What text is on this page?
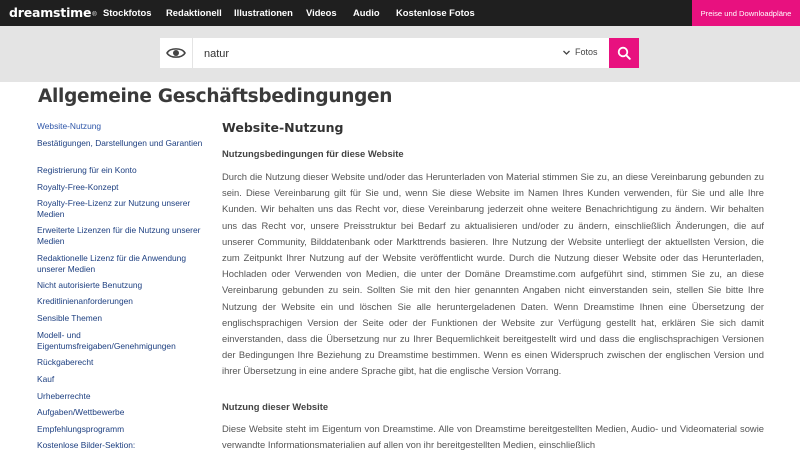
dreamstime ® Stockfotos Redaktionell Illustrationen Videos Audio Kostenlose Fotos	Preise und Downloadpläne
natur
Fotos
Allgemeine Geschäftsbedingungen
Website-Nutzung
Bestätigungen, Darstellungen und Garantien
Registrierung für ein Konto
Royalty-Free-Konzept
Royalty-Free-Lizenz zur Nutzung unserer Medien
Erweiterte Lizenzen für die Nutzung unserer Medien
Redaktionelle Lizenz für die Anwendung unserer Medien
Nicht autorisierte Benutzung
Kreditlinienanforderungen
Sensible Themen
Modell- und Eigentumsfreigaben/Genehmigungen
Rückgaberecht
Kauf
Urheberrechte
Aufgaben/Wettbewerbe
Empfehlungsprogramm
Kostenlose Bilder-Sektion:
Website-Nutzung
Nutzungsbedingungen für diese Website

Durch die Nutzung dieser Website und/oder das Herunterladen von Material stimmen Sie zu, an diese Vereinbarung gebunden zu sein. Diese Vereinbarung gilt für Sie und, wenn Sie diese Website im Namen Ihres Kunden verwenden, für Sie und alle Ihre Kunden. Wir behalten uns das Recht vor, diese Vereinbarung jederzeit ohne weitere Benachrichtigung zu ändern. Wir behalten uns das Recht vor, unsere Preisstruktur bei Bedarf zu aktualisieren und/oder zu ändern, einschließlich Änderungen, die auf unserer Community, Bilddatenbank oder Markttrends basieren. Ihre Nutzung der Website unterliegt der aktuellsten Version, die zum Zeitpunkt Ihrer Nutzung auf der Website veröffentlicht wurde. Durch die Nutzung dieser Website oder das Herunterladen, Hochladen oder Verwenden von Medien, die unter der Domäne Dreamstime.com aufgeführt sind, stimmen Sie zu, an diese Vereinbarung gebunden zu sein. Sollten Sie mit den hier genannten Angaben nicht einverstanden sein, stellen Sie bitte Ihre Nutzung der Website ein und löschen Sie alle heruntergeladenen Daten. Wenn Dreamstime Ihnen eine Übersetzung der englischsprachigen Version der Seite oder der Funktionen der Website zur Verfügung gestellt hat, erklären Sie sich damit einverstanden, dass die Übersetzung nur zu Ihrer Bequemlichkeit bereitgestellt wird und dass die englischsprachigen Versionen der Bedingungen Ihre Beziehung zu Dreamstime bestimmen. Wenn es einen Widerspruch zwischen der englischen Version und ihrer Übersetzung in eine andere Sprache gibt, hat die englische Version Vorrang.

Nutzung dieser Website

Diese Website steht im Eigentum von Dreamstime. Alle von Dreamstime bereitgestellten Medien, Audio- und Videomaterial sowie verwandte Informationsmaterialien auf allen von ihr bereitgestellten Medien, einschließlich
